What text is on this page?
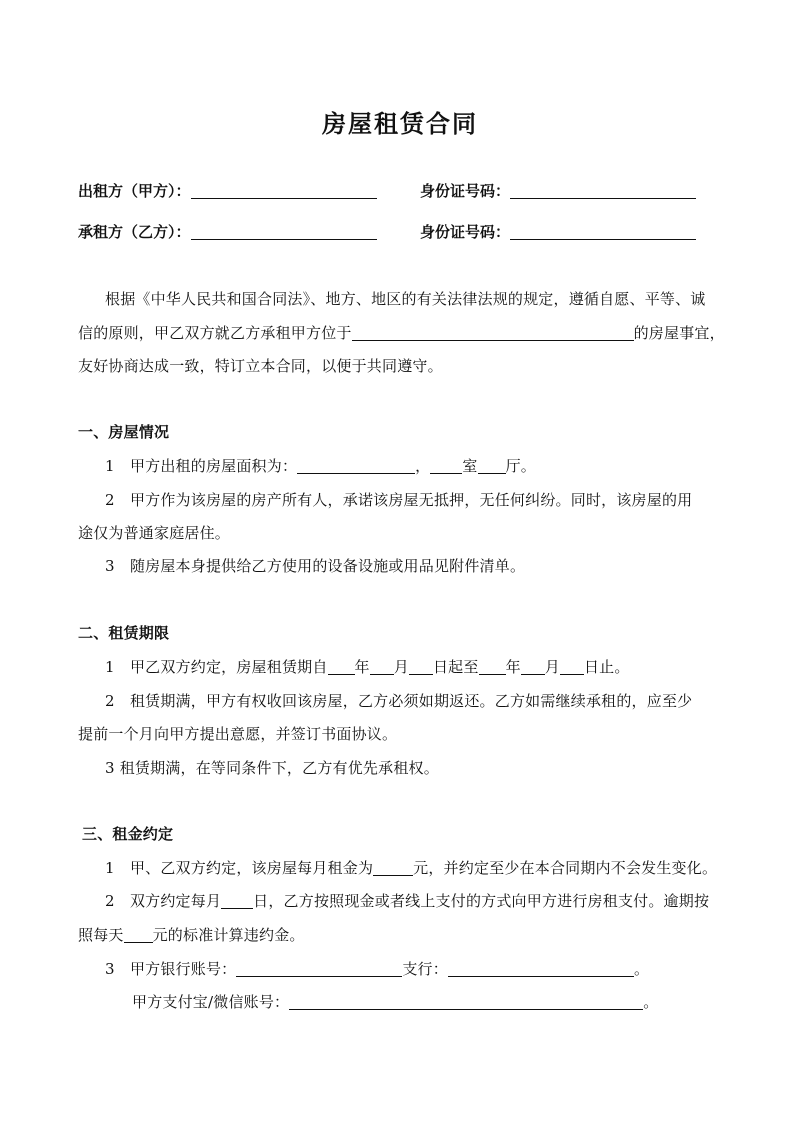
房屋租赁合同
出租方（甲方）：	身份证号码：
承租方（乙方）：	身份证号码：
根据《中华人民共和国合同法》、地方、地区的有关法律法规的规定，遵循自愿、平等、诚
信的原则，甲乙双方就乙方承租甲方位于	的房屋事宜，
友好协商达成一致，特订立本合同，以便于共同遵守。
一、房屋情况
1　甲方出租的房屋面积为：	， 室 厅。
2　甲方作为该房屋的房产所有人，承诺该房屋无抵押，无任何纠纷。同时，该房屋的用
途仅为普通家庭居住。
3　随房屋本身提供给乙方使用的设备设施或用品见附件清单。
二、租赁期限
1　甲乙双方约定，房屋租赁期自 年 月 日起至 年 月 日止。
2　租赁期满，甲方有权收回该房屋，乙方必须如期返还。乙方如需继续承租的，应至少
提前一个月向甲方提出意愿，并签订书面协议。
3 租赁期满，在等同条件下，乙方有优先承租权。
三、租金约定
1　甲、乙双方约定，该房屋每月租金为	元，并约定至少在本合同期内不会发生变化。
2　双方约定每月 日，乙方按照现金或者线上支付的方式向甲方进行房租支付。逾期按
照每天 元的标准计算违约金。
3　甲方银行账号：	支行：	。
甲方支付宝/微信账号：	。
